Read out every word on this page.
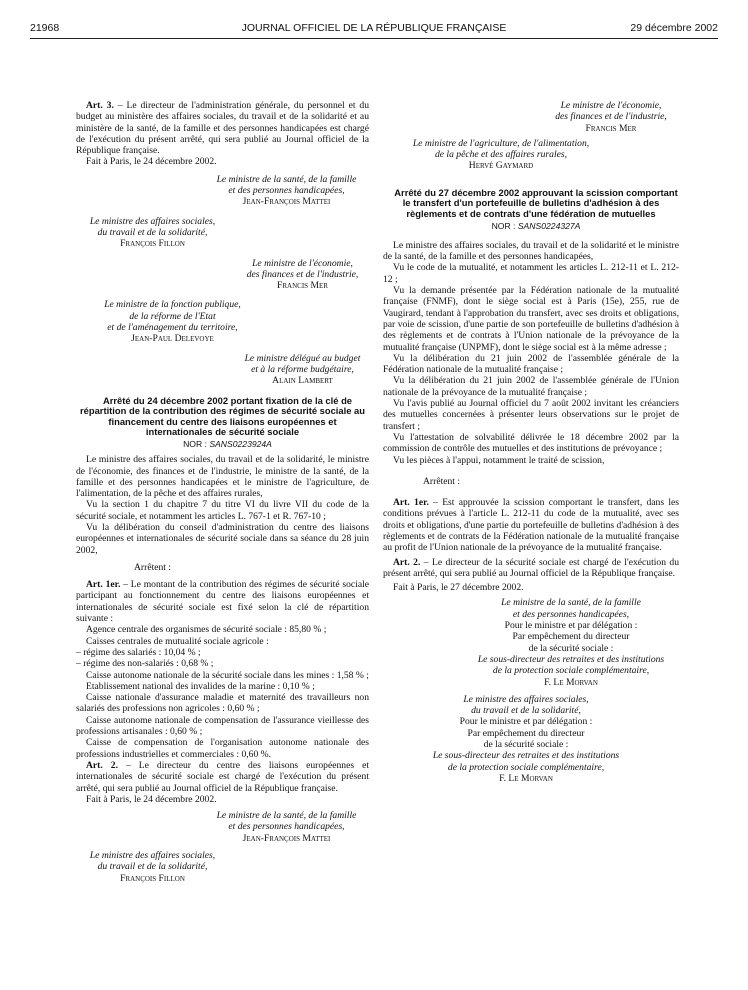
21968	JOURNAL OFFICIEL DE LA RÉPUBLIQUE FRANÇAISE	29 décembre 2002

Art. 3. – Le directeur de l'administration générale, du personnel et du budget au ministère des affaires sociales, du travail et de la solidarité et au ministère de la santé, de la famille et des personnes handicapées est chargé de l'exécution du présent arrêté, qui sera publié au Journal officiel de la République française.

Fait à Paris, le 24 décembre 2002.

Le ministre de la santé, de la famille

et des personnes handicapées,

Jean-François Mattei

Le ministre des affaires sociales,

du travail et de la solidarité,

François Fillon

Le ministre de l'économie,

des finances et de l'industrie,

Francis Mer

Le ministre de la fonction publique,

de la réforme de l'Etat

et de l'aménagement du territoire,

Jean-Paul Delevoye

Le ministre délégué au budget

et à la réforme budgétaire,

Alain Lambert

Arrêté du 24 décembre 2002 portant fixation de la clé de répartition de la contribution des régimes de sécurité sociale au financement du centre des liaisons européennes et internationales de sécurité sociale

NOR : SANS0223924A

Le ministre des affaires sociales, du travail et de la solidarité, le ministre de l'économie, des finances et de l'industrie, le ministre de la santé, de la famille et des personnes handicapées et le ministre de l'agriculture, de l'alimentation, de la pêche et des affaires rurales,

Vu la section 1 du chapitre 7 du titre VI du livre VII du code de la sécurité sociale, et notamment les articles L. 767-1 et R. 767-10 ;

Vu la délibération du conseil d'administration du centre des liaisons européennes et internationales de sécurité sociale dans sa séance du 28 juin 2002,

Arrêtent :

Art. 1er. – Le montant de la contribution des régimes de sécurité sociale participant au fonctionnement du centre des liaisons européennes et internationales de sécurité sociale est fixé selon la clé de répartition suivante :

Agence centrale des organismes de sécurité sociale : 85,80 % ;

Caisses centrales de mutualité sociale agricole :

– régime des salariés : 10,04 % ;

– régime des non-salariés : 0,68 % ;

Caisse autonome nationale de la sécurité sociale dans les mines : 1,58 % ;

Etablissement national des invalides de la marine : 0,10 % ;

Caisse nationale d'assurance maladie et maternité des travailleurs non salariés des professions non agricoles : 0,60 % ;

Caisse autonome nationale de compensation de l'assurance vieillesse des professions artisanales : 0,60 % ;

Caisse de compensation de l'organisation autonome nationale des professions industrielles et commerciales : 0,60 %.

Art. 2. – Le directeur du centre des liaisons européennes et internationales de sécurité sociale est chargé de l'exécution du présent arrêté, qui sera publié au Journal officiel de la République française.

Fait à Paris, le 24 décembre 2002.

Le ministre de la santé, de la famille

et des personnes handicapées,

Jean-François Mattei

Le ministre des affaires sociales,

du travail et de la solidarité,

François Fillon

Le ministre de l'économie,

des finances et de l'industrie,

Francis Mer

Le ministre de l'agriculture, de l'alimentation,

de la pêche et des affaires rurales,

Hervé Gaymard

Arrêté du 27 décembre 2002 approuvant la scission comportant le transfert d'un portefeuille de bulletins d'adhésion à des règlements et de contrats d'une fédération de mutuelles

NOR : SANS0224327A

Le ministre des affaires sociales, du travail et de la solidarité et le ministre de la santé, de la famille et des personnes handicapées,

Vu le code de la mutualité, et notamment les articles L. 212-11 et L. 212-12 ;

Vu la demande présentée par la Fédération nationale de la mutualité française (FNMF), dont le siège social est à Paris (15e), 255, rue de Vaugirard, tendant à l'approbation du transfert, avec ses droits et obligations, par voie de scission, d'une partie de son portefeuille de bulletins d'adhésion à des règlements et de contrats à l'Union nationale de la prévoyance de la mutualité française (UNPMF), dont le siège social est à la même adresse ;

Vu la délibération du 21 juin 2002 de l'assemblée générale de la Fédération nationale de la mutualité française ;

Vu la délibération du 21 juin 2002 de l'assemblée générale de l'Union nationale de la prévoyance de la mutualité française ;

Vu l'avis publié au Journal officiel du 7 août 2002 invitant les créanciers des mutuelles concernées à présenter leurs observations sur le projet de transfert ;

Vu l'attestation de solvabilité délivrée le 18 décembre 2002 par la commission de contrôle des mutuelles et des institutions de prévoyance ;

Vu les pièces à l'appui, notamment le traité de scission,

Arrêtent :

Art. 1er. – Est approuvée la scission comportant le transfert, dans les conditions prévues à l'article L. 212-11 du code de la mutualité, avec ses droits et obligations, d'une partie du portefeuille de bulletins d'adhésion à des règlements et de contrats de la Fédération nationale de la mutualité française au profit de l'Union nationale de la prévoyance de la mutualité française.

Art. 2. – Le directeur de la sécurité sociale est chargé de l'exécution du présent arrêté, qui sera publié au Journal officiel de la République française.

Fait à Paris, le 27 décembre 2002.

Le ministre de la santé, de la famille

et des personnes handicapées,

Pour le ministre et par délégation :

Par empêchement du directeur

de la sécurité sociale :

Le sous-directeur des retraites et des institutions

de la protection sociale complémentaire,

F. Le Morvan

Le ministre des affaires sociales,

du travail et de la solidarité,

Pour le ministre et par délégation :

Par empêchement du directeur

de la sécurité sociale :

Le sous-directeur des retraites et des institutions

de la protection sociale complémentaire,

F. Le Morvan
